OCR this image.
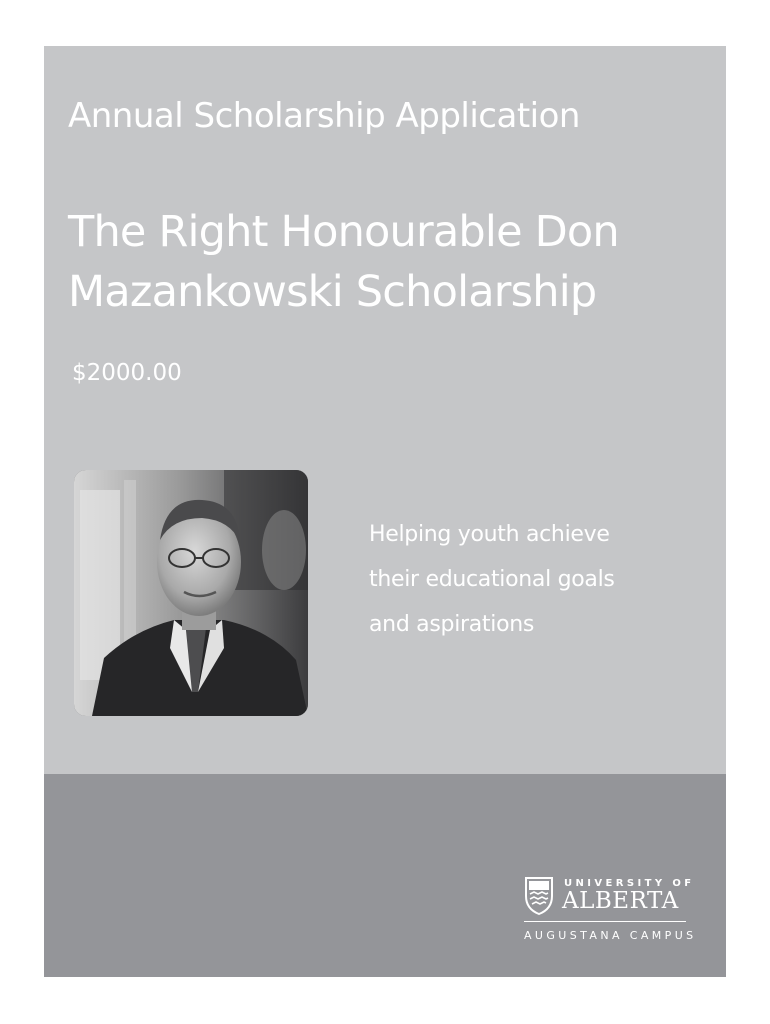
Annual Scholarship Application
The Right Honourable Don
Mazankowski Scholarship
$2000.00
Helping youth achieve
their educational goals
and aspirations
UNIVERSITY OF
ALBERTA
AUGUSTANA CAMPUS
